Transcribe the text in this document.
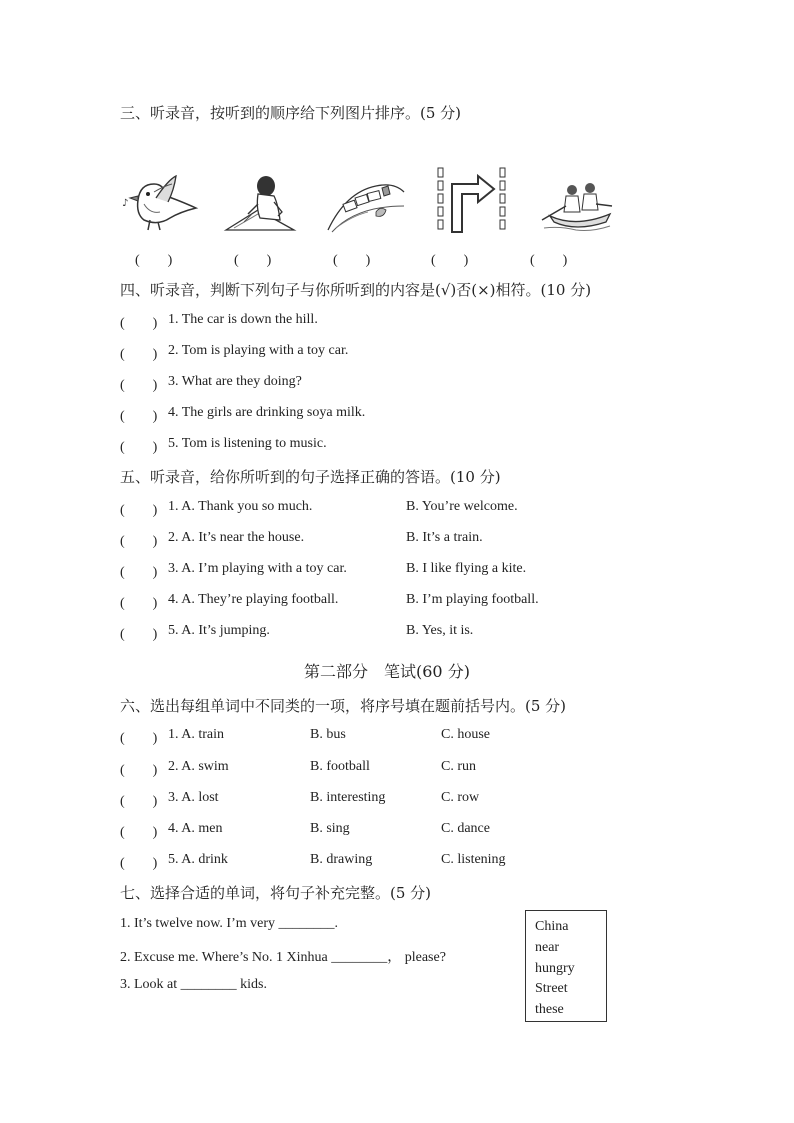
三、听录音，按听到的顺序给下列图片排序。(5 分)
♪
(　　)	(　　)	(　　)	(　　)	(　　)
四、听录音，判断下列句子与你所听到的内容是(√)否(×)相符。(10 分)
(　　) 1. The car is down the hill.
(　　) 2. Tom is playing with a toy car.
(　　) 3. What are they doing?
(　　) 4. The girls are drinking soya milk.
(　　) 5. Tom is listening to music.
五、听录音，给你所听到的句子选择正确的答语。(10 分)
(　　) 1. A. Thank you so much.	B. You’re welcome.
(　　) 2. A. It’s near the house.	B. It’s a train.
(　　) 3. A. I’m playing with a toy car.	B. I like flying a kite.
(　　) 4. A. They’re playing football.	B. I’m playing football.
(　　) 5. A. It’s jumping.	B. Yes, it is.
第二部分　笔试(60 分)
六、选出每组单词中不同类的一项，将序号填在题前括号内。(5 分)
(　　) 1. A. train	B. bus	C. house
(　　) 2. A. swim	B. football	C. run
(　　) 3. A. lost	B. interesting	C. row
(　　) 4. A. men	B. sing	C. dance
(　　) 5. A. drink	B. drawing	C. listening
七、选择合适的单词，将句子补充完整。(5 分)
1. It’s twelve now. I’m very ________.
2. Excuse me. Where’s No. 1 Xinhua ________， please?
3. Look at ________ kids.
China
near
hungry
Street
these
